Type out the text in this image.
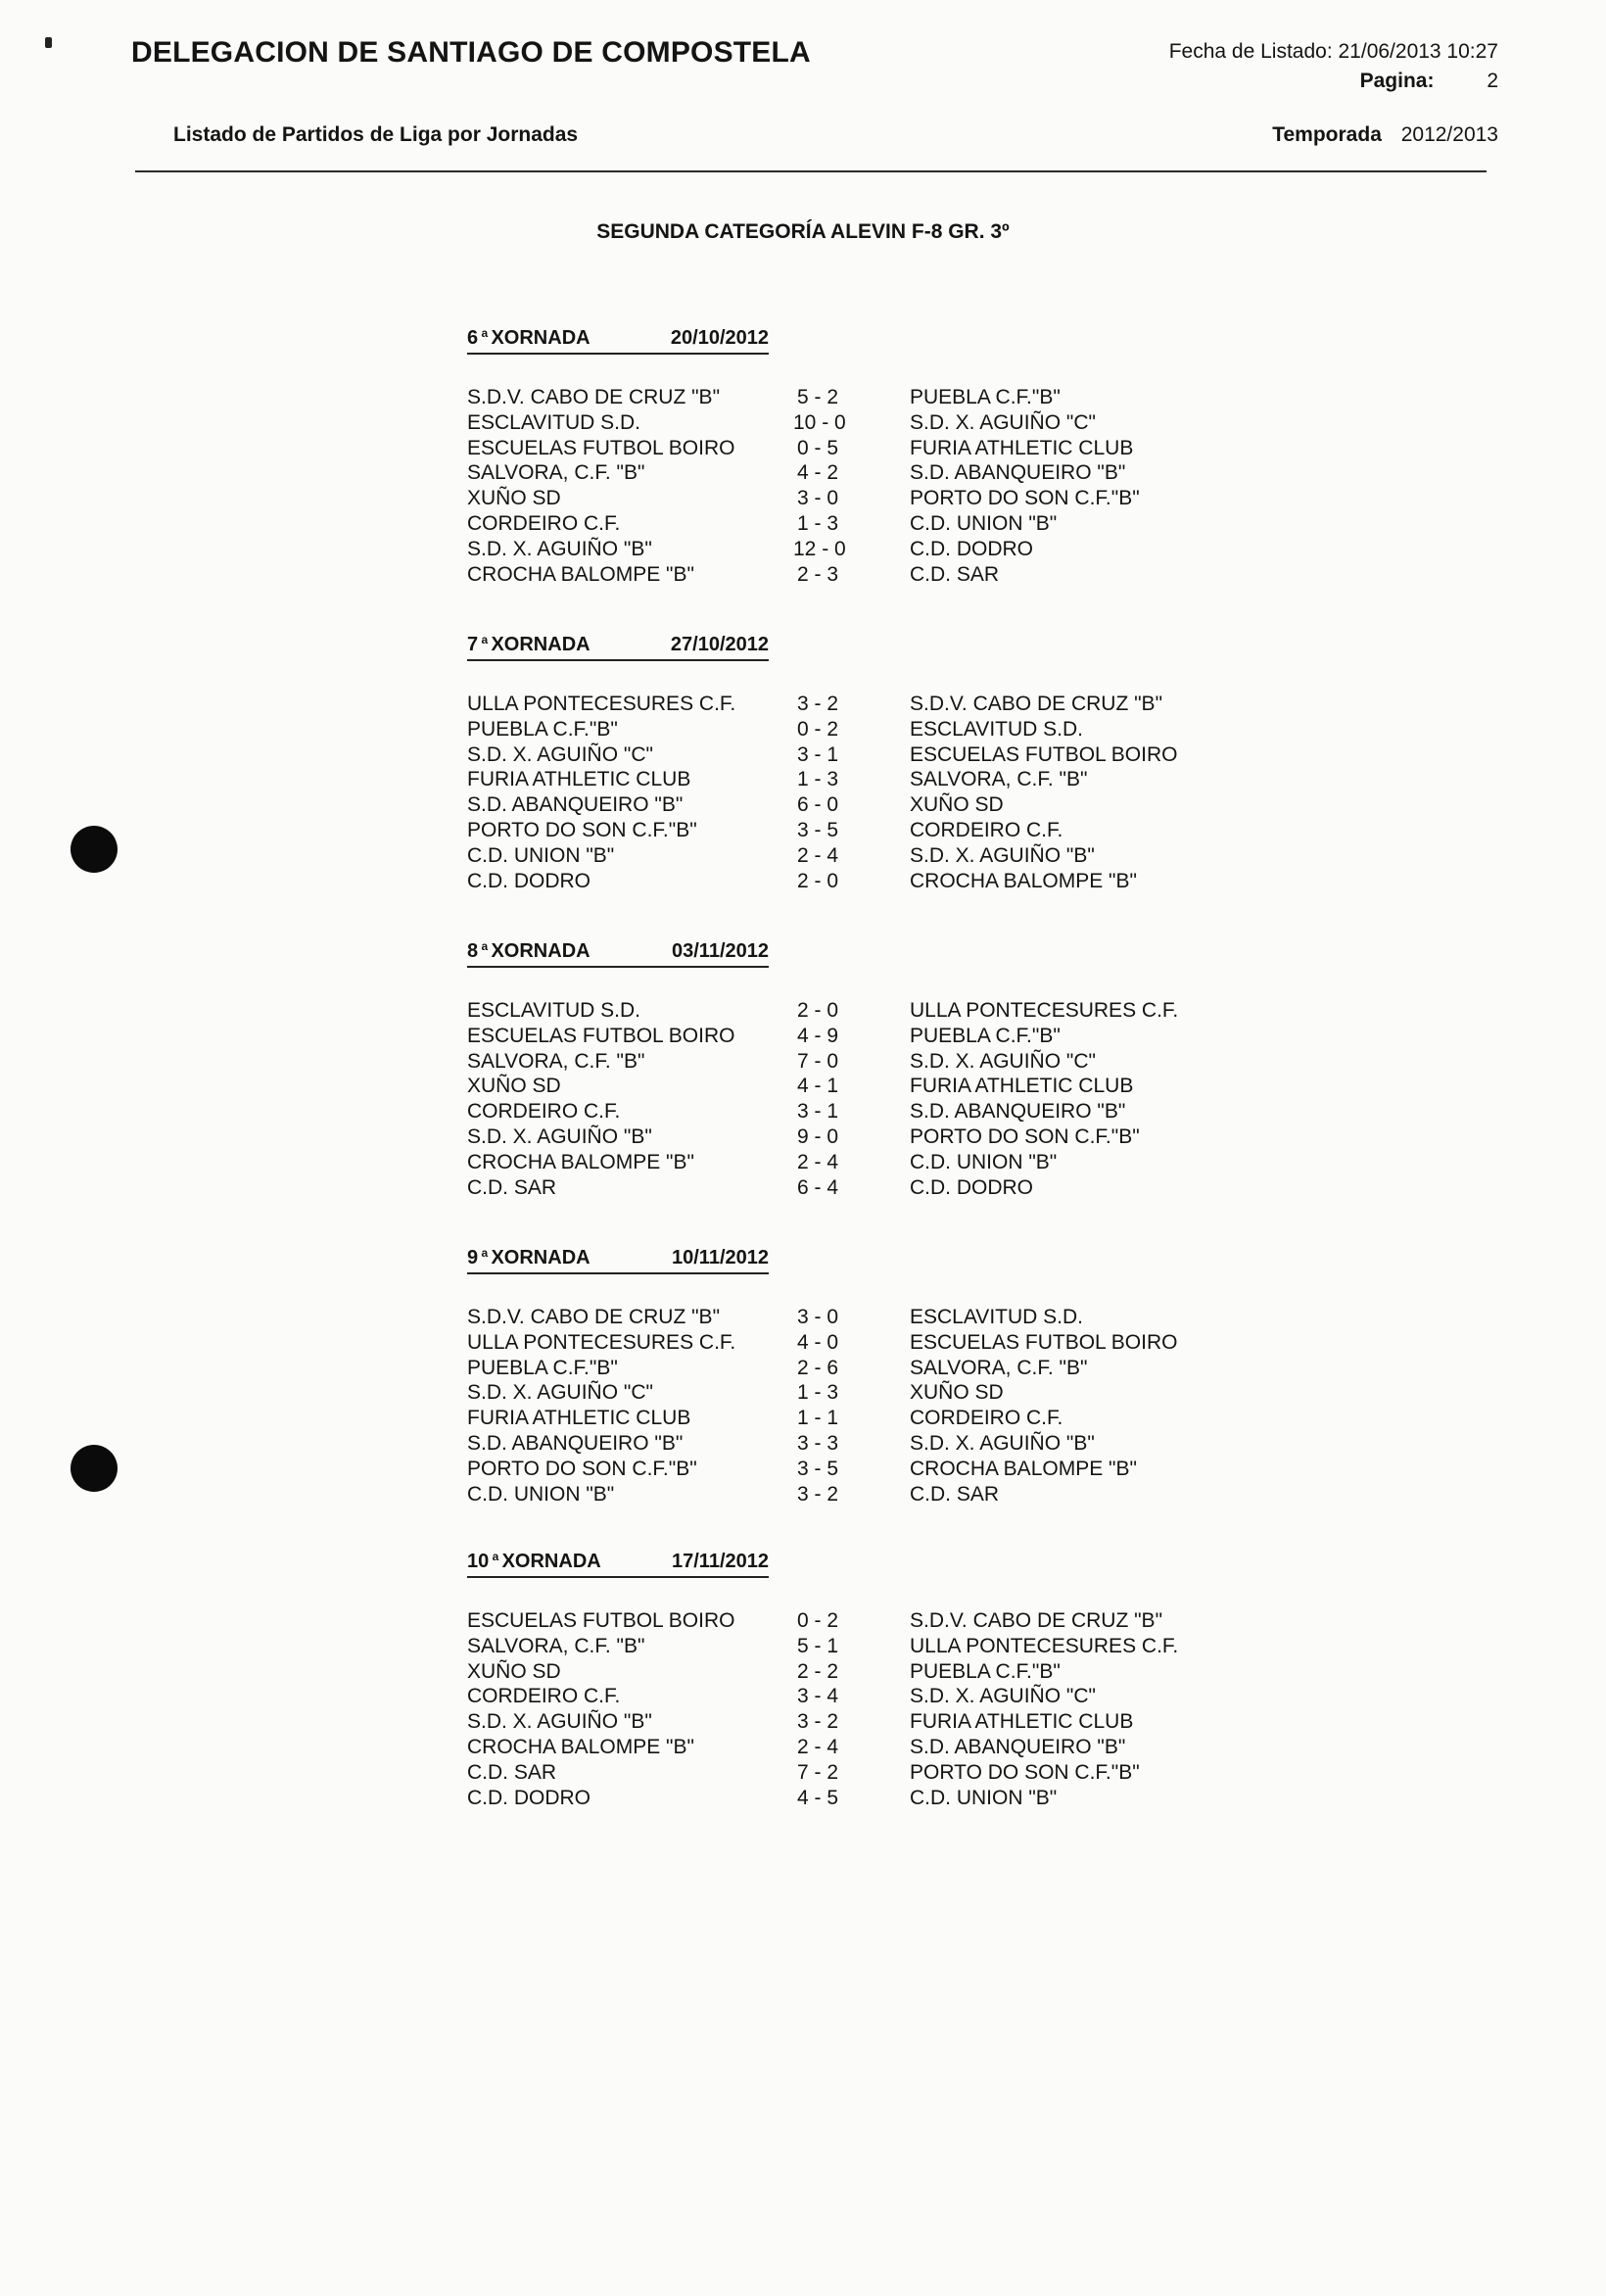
DELEGACION DE SANTIAGO DE COMPOSTELA	Fecha de Listado: 21/06/2013 10:27
Pagina:	2
Listado de Partidos de Liga por Jornadas	Temporada 2012/2013
SEGUNDA CATEGORÍA ALEVIN F-8 GR. 3º
6 $^a$ XORNADA	20/10/2012
S.D.V. CABO DE CRUZ "B"	5 - 2	PUEBLA C.F."B"
ESCLAVITUD S.D.	10 - 0	S.D. X. AGUIÑO "C"
ESCUELAS FUTBOL BOIRO	0 - 5	FURIA ATHLETIC CLUB
SALVORA, C.F. "B"	4 - 2	S.D. ABANQUEIRO "B"
XUÑO SD	3 - 0	PORTO DO SON C.F."B"
CORDEIRO C.F.	1 - 3	C.D. UNION "B"
S.D. X. AGUIÑO "B"	12 - 0	C.D. DODRO
CROCHA BALOMPE "B"	2 - 3	C.D. SAR
7 $^a$ XORNADA	27/10/2012
ULLA PONTECESURES C.F.	3 - 2	S.D.V. CABO DE CRUZ "B"
PUEBLA C.F."B"	0 - 2	ESCLAVITUD S.D.
S.D. X. AGUIÑO "C"	3 - 1	ESCUELAS FUTBOL BOIRO
FURIA ATHLETIC CLUB	1 - 3	SALVORA, C.F. "B"
S.D. ABANQUEIRO "B"	6 - 0	XUÑO SD
PORTO DO SON C.F."B"	3 - 5	CORDEIRO C.F.
C.D. UNION "B"	2 - 4	S.D. X. AGUIÑO "B"
C.D. DODRO	2 - 0	CROCHA BALOMPE "B"
8 $^a$ XORNADA	03/11/2012
ESCLAVITUD S.D.	2 - 0	ULLA PONTECESURES C.F.
ESCUELAS FUTBOL BOIRO	4 - 9	PUEBLA C.F."B"
SALVORA, C.F. "B"	7 - 0	S.D. X. AGUIÑO "C"
XUÑO SD	4 - 1	FURIA ATHLETIC CLUB
CORDEIRO C.F.	3 - 1	S.D. ABANQUEIRO "B"
S.D. X. AGUIÑO "B"	9 - 0	PORTO DO SON C.F."B"
CROCHA BALOMPE "B"	2 - 4	C.D. UNION "B"
C.D. SAR	6 - 4	C.D. DODRO
9 $^a$ XORNADA	10/11/2012
S.D.V. CABO DE CRUZ "B"	3 - 0	ESCLAVITUD S.D.
ULLA PONTECESURES C.F.	4 - 0	ESCUELAS FUTBOL BOIRO
PUEBLA C.F."B"	2 - 6	SALVORA, C.F. "B"
S.D. X. AGUIÑO "C"	1 - 3	XUÑO SD
FURIA ATHLETIC CLUB	1 - 1	CORDEIRO C.F.
S.D. ABANQUEIRO "B"	3 - 3	S.D. X. AGUIÑO "B"
PORTO DO SON C.F."B"	3 - 5	CROCHA BALOMPE "B"
C.D. UNION "B"	3 - 2	C.D. SAR
10 $^a$ XORNADA	17/11/2012
ESCUELAS FUTBOL BOIRO	0 - 2	S.D.V. CABO DE CRUZ "B"
SALVORA, C.F. "B"	5 - 1	ULLA PONTECESURES C.F.
XUÑO SD	2 - 2	PUEBLA C.F."B"
CORDEIRO C.F.	3 - 4	S.D. X. AGUIÑO "C"
S.D. X. AGUIÑO "B"	3 - 2	FURIA ATHLETIC CLUB
CROCHA BALOMPE "B"	2 - 4	S.D. ABANQUEIRO "B"
C.D. SAR	7 - 2	PORTO DO SON C.F."B"
C.D. DODRO	4 - 5	C.D. UNION "B"
